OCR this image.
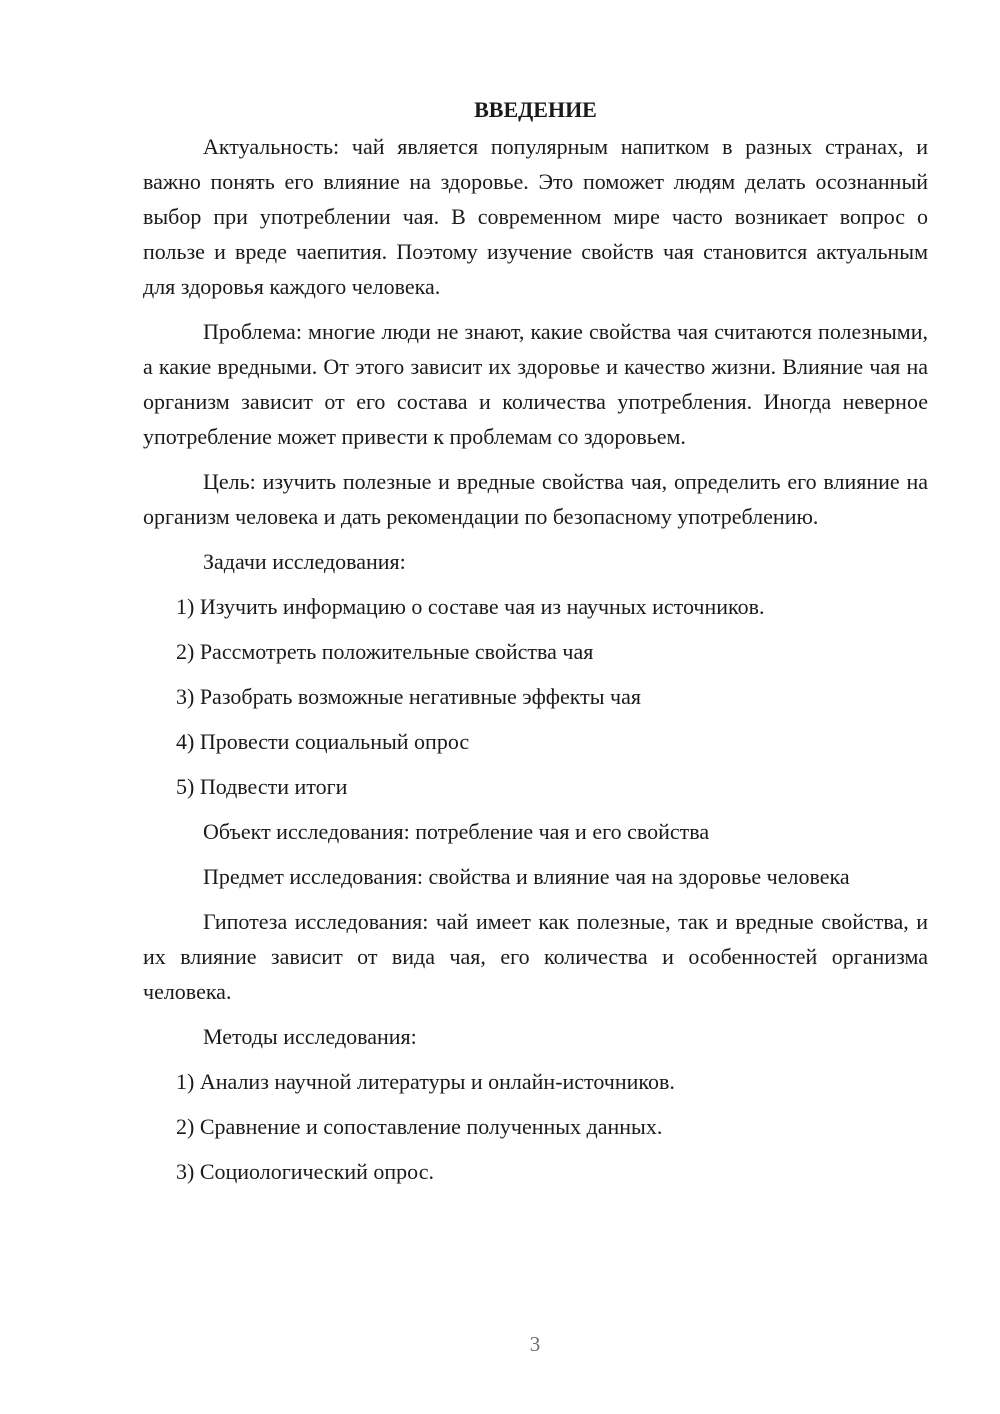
ВВЕДЕНИЕ

Актуальность: чай является популярным напитком в разных странах, и важно понять его влияние на здоровье. Это поможет людям делать осознанный выбор при употреблении чая. В современном мире часто возникает вопрос о пользе и вреде чаепития. Поэтому изучение свойств чая становится актуальным для здоровья каждого человека.

Проблема: многие люди не знают, какие свойства чая считаются полезными, а какие вредными. От этого зависит их здоровье и качество жизни. Влияние чая на организм зависит от его состава и количества употребления. Иногда неверное употребление может привести к проблемам со здоровьем.

Цель: изучить полезные и вредные свойства чая, определить его влияние на организм человека и дать рекомендации по безопасному употреблению.

Задачи исследования:
1) Изучить информацию о составе чая из научных источников.
2) Рассмотреть положительные свойства чая
3) Разобрать возможные негативные эффекты чая
4) Провести социальный опрос
5) Подвести итоги
Объект исследования: потребление чая и его свойства

Предмет исследования: свойства и влияние чая на здоровье человека

Гипотеза исследования: чай имеет как полезные, так и вредные свойства, и их влияние зависит от вида чая, его количества и особенностей организма человека.

Методы исследования:
1) Анализ научной литературы и онлайн-источников.
2) Сравнение и сопоставление полученных данных.
3) Социологический опрос.
3
